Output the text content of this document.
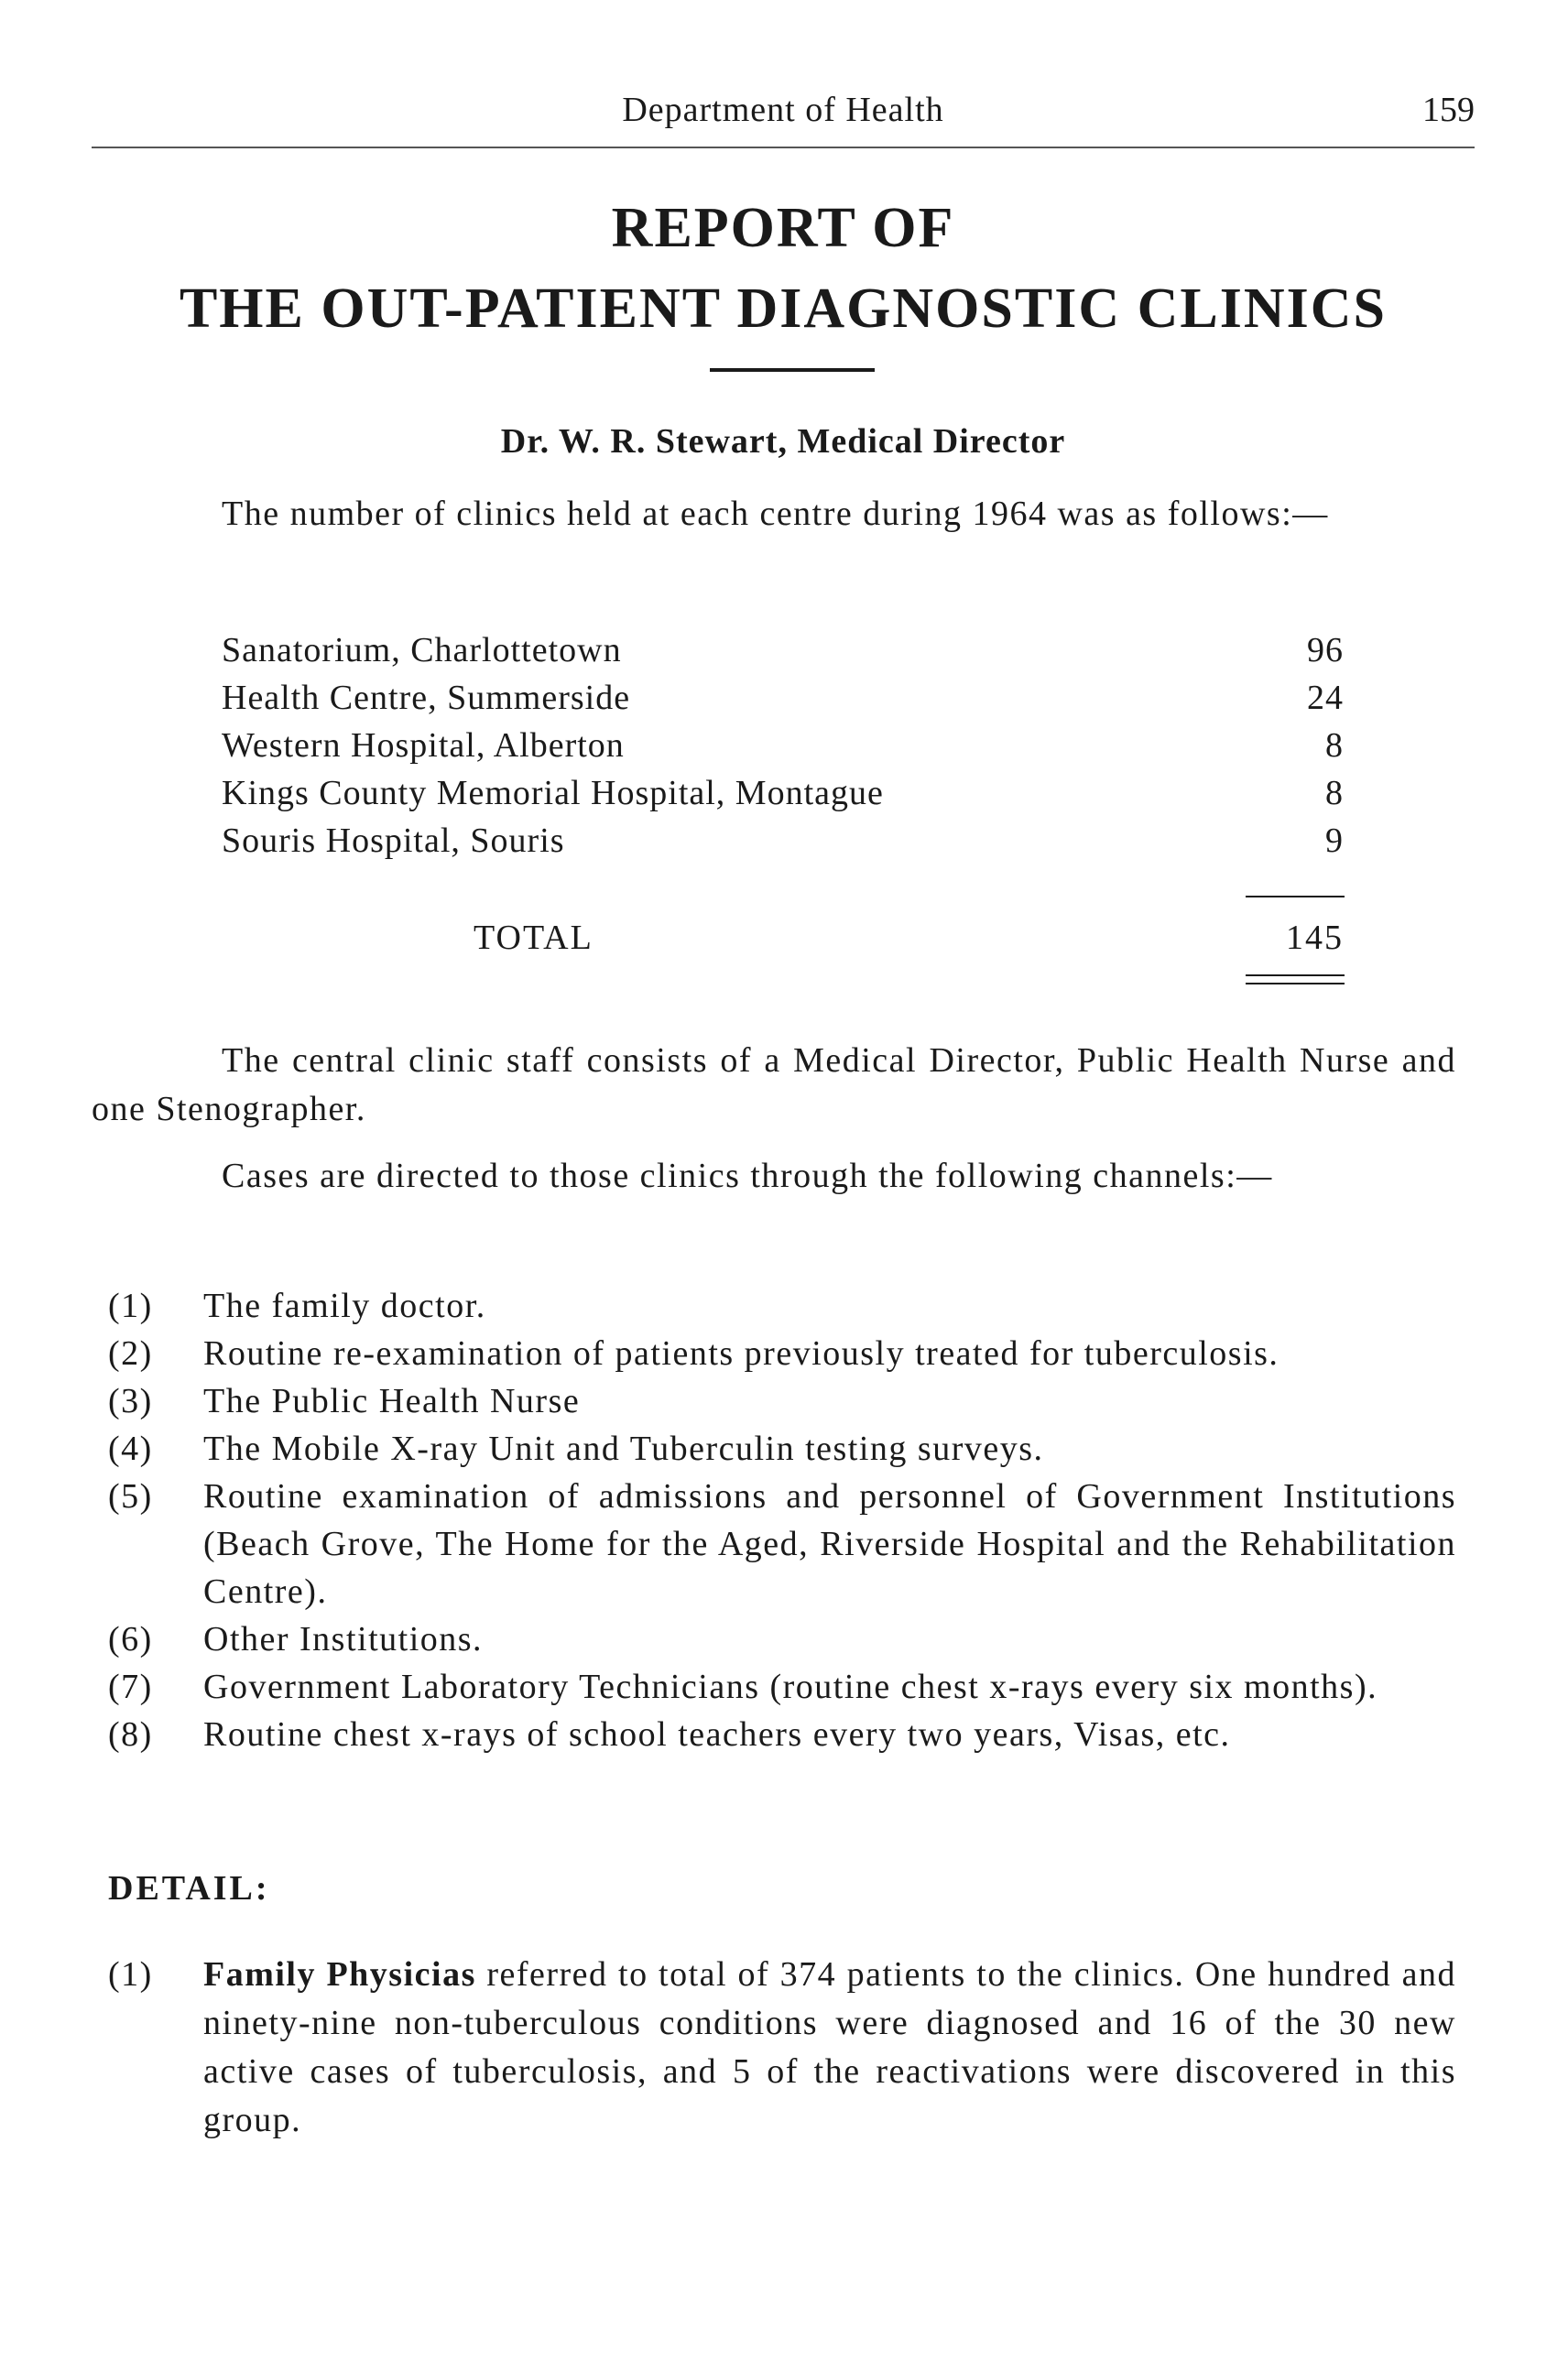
Department of Health	159
REPORT OF
THE OUT-PATIENT DIAGNOSTIC CLINICS
Dr. W. R. Stewart, Medical Director

The number of clinics held at each centre during 1964 was as follows:—

Sanatorium, Charlottetown	96
Health Centre, Summerside	24
Western Hospital, Alberton	8
Kings County Memorial Hospital, Montague	8
Souris Hospital, Souris	9
TOTAL	145

The central clinic staff consists of a Medical Director, Public Health Nurse and one Stenographer.

Cases are directed to those clinics through the following channels:—

(1) The family doctor.
(2) Routine re-examination of patients previously treated for tuberculosis.
(3) The Public Health Nurse
(4) The Mobile X-ray Unit and Tuberculin testing surveys.
(5) Routine examination of admissions and personnel of Government Institutions (Beach Grove, The Home for the Aged, Riverside Hospital and the Rehabilitation Centre).
(6) Other Institutions.
(7) Government Laboratory Technicians (routine chest x-rays every six months).
(8) Routine chest x-rays of school teachers every two years, Visas, etc.
DETAIL:
(1) Family Physicias referred to total of 374 patients to the clinics. One hundred and ninety-nine non-tuberculous conditions were diagnosed and 16 of the 30 new active cases of tuberculosis, and 5 of the reactivations were discovered in this group.
